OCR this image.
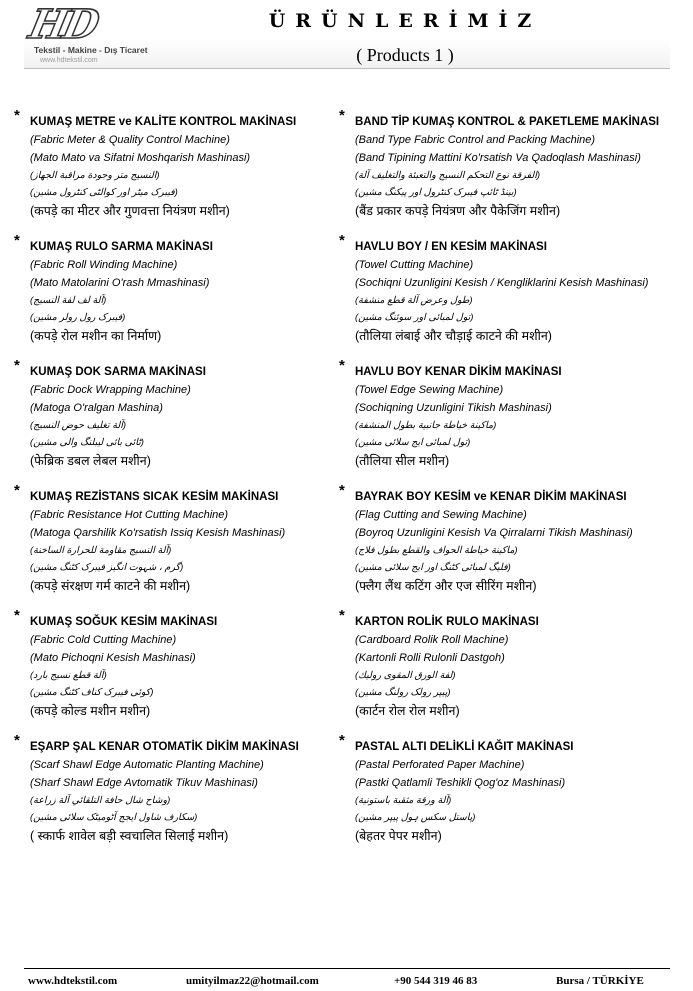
HD
Tekstil - Makine - Dış Ticaret
www.hdtekstil.com
ÜRÜNLERİMİZ
( Products 1 )
* KUMAŞ METRE ve KALİTE KONTROL MAKİNASI
(Fabric Meter & Quality Control Machine)
(Mato Mato va Sifatni Moshqarish Mashinasi)
(النسيج متر وجودة مراقبة الجهاز)
(فیبرک میٹر اور کوالٹی کنٹرول مشین)
(कपड़े का मीटर और गुणवत्ता नियंत्रण मशीन)
* KUMAŞ RULO SARMA MAKİNASI
(Fabric Roll Winding Machine)
(Mato Matolarini O'rash Mmashinasi)
(آلة لف لفة النسيج)
(فیبرک رول رولر مشین)
(कपड़े रोल मशीन का निर्माण)
* KUMAŞ DOK SARMA MAKİNASI
(Fabric Dock Wrapping Machine)
(Matoga O'ralgan Mashina)
(آلة تغليف حوض النسيج)
(ٹائی بائی لیبلنگ والی مشین)
(फेब्रिक डबल लेबल मशीन)
* KUMAŞ REZİSTANS SICAK KESİM MAKİNASI
(Fabric Resistance Hot Cutting Machine)
(Matoga Qarshilik Ko'rsatish Issiq Kesish Mashinasi)
(آلة النسيج مقاومة للحرارة الساخنة)
(گرم ، شہوت انگیز فیبرک کٹنگ مشین)
(कपड़े संरक्षण गर्म काटने की मशीन)
* KUMAŞ SOĞUK KESİM MAKİNASI
(Fabric Cold Cutting Machine)
(Mato Pichoqni Kesish Mashinasi)
(آلة قطع نسيج بارد)
(کوئی فیبرک کناف کٹنگ مشین)
(कपड़े कोल्ड मशीन मशीन)
* EŞARP ŞAL KENAR OTOMATİK DİKİM MAKİNASI
(Scarf Shawl Edge Automatic Planting Machine)
(Sharf Shawl Edge Avtomatik Tikuv Mashinasi)
(وشاح شال حافة التلقائي آلة زراعة)
(سکارف شاول ایجج آٹومیٹک سلائی مشین)
( स्कार्फ शावेल बड़ी स्वचालित सिलाई मशीन)
* BAND TİP KUMAŞ KONTROL & PAKETLEME MAKİNASI
(Band Type Fabric Control and Packing Machine)
(Band Tipining Mattini Ko'rsatish Va Qadoqlash Mashinasi)
(الفرقة نوع التحكم النسيج والتعبئة والتغليف آلة)
(بینڈ ٹائپ فیبرک کنٹرول اور پیکنگ مشین)
(बैंड प्रकार कपड़े नियंत्रण और पैकेजिंग मशीन)
* HAVLU BOY / EN KESİM MAKİNASI
(Towel Cutting Machine)
(Sochiqni Uzunligini Kesish / Kengliklarini Kesish Mashinasi)
(طول وعرض آلة قطع منشفة)
(تول لمبائی اور سوئنگ مشین)
(तौलिया लंबाई और चौड़ाई काटने की मशीन)
* HAVLU BOY KENAR DİKİM MAKİNASI
(Towel Edge Sewing Machine)
(Sochiqning Uzunligini Tikish Mashinasi)
(ماكينة خياطة جانبية بطول المنشفة)
(تول لمبائی ایج سلائی مشین)
(तौलिया सील मशीन)
* BAYRAK BOY KESİM ve KENAR DİKİM MAKİNASI
(Flag Cutting and Sewing Machine)
(Boyroq Uzunligini Kesish Va Qirralarni Tikish Mashinasi)
(ماكينة خياطة الحواف والقطع بطول فلاج)
(فلیگ لمبائی کٹنگ اور ایج سلائی مشین)
(फ्लैग लैंथ कटिंग और एज सीरिंग मशीन)
* KARTON ROLİK RULO MAKİNASI
(Cardboard Rolik Roll Machine)
(Kartonli Rolli Rulonli Dastgoh)
(لفة الورق المقوى روليك)
(پیپر رولک رولنگ مشین)
(कार्टन रोल रोल मशीन)
* PASTAL ALTI DELİKLİ KAĞIT MAKİNASI
(Pastal Perforated Paper Machine)
(Pastki Qatlamli Teshikli Qog'oz Mashinasi)
(آلة ورقة مثقبة باستونية)
(پاستل سکس ہول پیپر مشین)
(बेहतर पेपर मशीन)
www.hdtekstil.com	umityilmaz22@hotmail.com	+90 544 319 46 83	Bursa / TÜRKİYE
